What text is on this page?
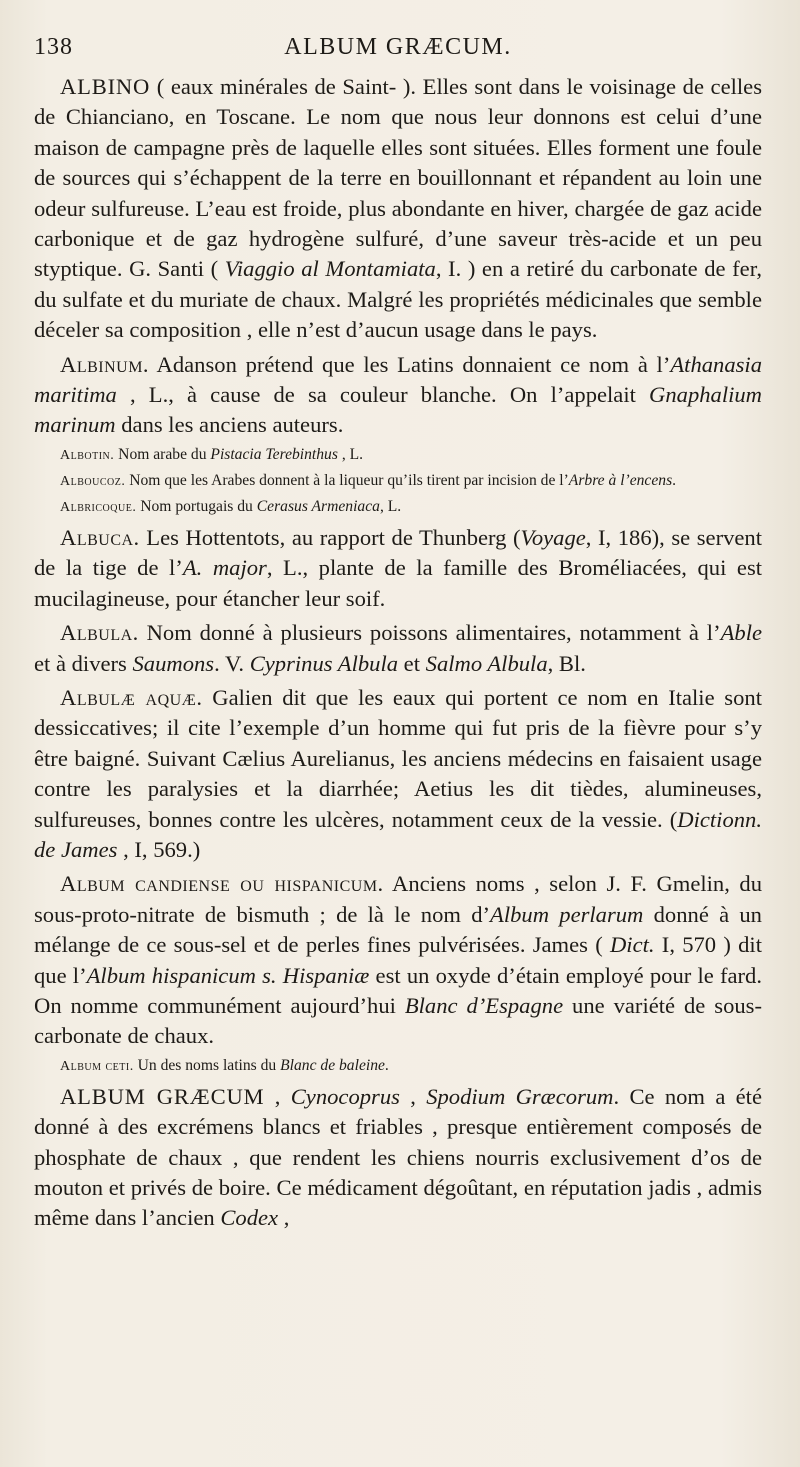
138	ALBUM GRÆCUM.

ALBINO ( eaux minérales de Saint- ). Elles sont dans le voisinage de celles de Chianciano, en Toscane. Le nom que nous leur donnons est celui d’une maison de campagne près de laquelle elles sont situées. Elles forment une foule de sources qui s’échappent de la terre en bouillonnant et répandent au loin une odeur sulfureuse. L’eau est froide, plus abondante en hiver, chargée de gaz acide carbonique et de gaz hydrogène sulfuré, d’une saveur très-acide et un peu styptique. G. Santi ( Viaggio al Montamiata, I. ) en a retiré du carbonate de fer, du sulfate et du muriate de chaux. Malgré les propriétés médicinales que semble déceler sa composition , elle n’est d’aucun usage dans le pays.

Albinum. Adanson prétend que les Latins donnaient ce nom à l’Athanasia maritima , L., à cause de sa couleur blanche. On l’appelait Gnaphalium marinum dans les anciens auteurs.

Albotin. Nom arabe du Pistacia Terebinthus , L.

Alboucoz. Nom que les Arabes donnent à la liqueur qu’ils tirent par incision de l’Arbre à l’encens.

Albricoque. Nom portugais du Cerasus Armeniaca, L.

Albuca. Les Hottentots, au rapport de Thunberg (Voyage, I, 186), se servent de la tige de l’A. major, L., plante de la famille des Broméliacées, qui est mucilagineuse, pour étancher leur soif.

Albula. Nom donné à plusieurs poissons alimentaires, notamment à l’Able et à divers Saumons. V. Cyprinus Albula et Salmo Albula, Bl.

Albulæ aquæ. Galien dit que les eaux qui portent ce nom en Italie sont dessiccatives; il cite l’exemple d’un homme qui fut pris de la fièvre pour s’y être baigné. Suivant Cælius Aurelianus, les anciens médecins en faisaient usage contre les paralysies et la diarrhée; Aetius les dit tièdes, alumineuses, sulfureuses, bonnes contre les ulcères, notamment ceux de la vessie. (Dictionn. de James , I, 569.)

Album candiense ou hispanicum. Anciens noms , selon J. F. Gmelin, du sous-proto-nitrate de bismuth ; de là le nom d’Album perlarum donné à un mélange de ce sous-sel et de perles fines pulvérisées. James ( Dict. I, 570 ) dit que l’Album hispanicum s. Hispaniæ est un oxyde d’étain employé pour le fard. On nomme communément aujourd’hui Blanc d’Espagne une variété de sous-carbonate de chaux.

Album ceti. Un des noms latins du Blanc de baleine.

ALBUM GRÆCUM , Cynocoprus , Spodium Græcorum. Ce nom a été donné à des excrémens blancs et friables , presque entièrement composés de phosphate de chaux , que rendent les chiens nourris exclusivement d’os de mouton et privés de boire. Ce médicament dégoûtant, en réputation jadis , admis même dans l’ancien Codex ,
